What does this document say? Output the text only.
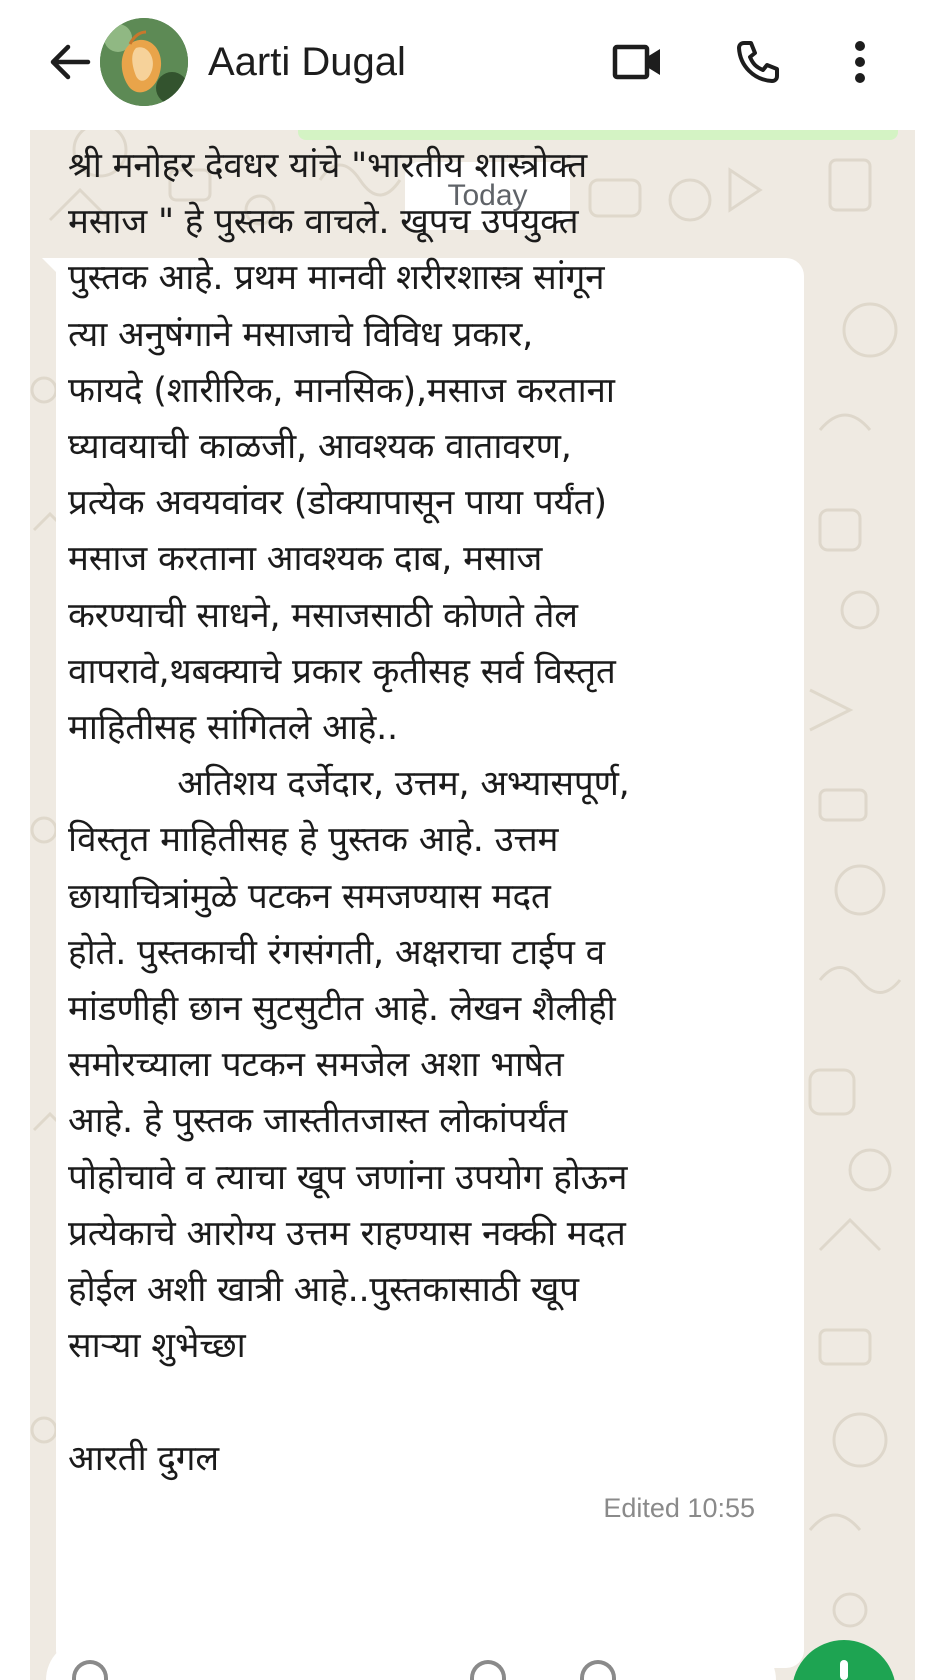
Aarti Dugal
Today
श्री मनोहर देवधर यांचे "भारतीय शास्त्रोक्त
मसाज " हे पुस्तक वाचले. खूपच उपयुक्त
पुस्तक आहे. प्रथम मानवी शरीरशास्त्र सांगून
त्या अनुषंगाने मसाजाचे विविध प्रकार,
फायदे (शारीरिक, मानसिक),मसाज करताना
घ्यावयाची काळजी, आवश्यक वातावरण,
प्रत्येक अवयवांवर (डोक्यापासून पाया पर्यंत)
मसाज करताना आवश्यक दाब, मसाज
करण्याची साधने, मसाजसाठी कोणते तेल
वापरावे,थबक्याचे प्रकार कृतीसह सर्व विस्तृत
माहितीसह सांगितले आहे..
अतिशय दर्जेदार, उत्तम, अभ्यासपूर्ण,
विस्तृत माहितीसह हे पुस्तक आहे. उत्तम
छायाचित्रांमुळे पटकन समजण्यास मदत
होते. पुस्तकाची रंगसंगती, अक्षराचा टाईप व
मांडणीही छान सुटसुटीत आहे. लेखन शैलीही
समोरच्याला पटकन समजेल अशा भाषेत
आहे. हे पुस्तक जास्तीतजास्त लोकांपर्यंत
पोहोचावे व त्याचा खूप जणांना उपयोग होऊन
प्रत्येकाचे आरोग्य उत्तम राहण्यास नक्की मदत
होईल अशी खात्री आहे..पुस्तकासाठी खूप
साऱ्या शुभेच्छा

आरती दुगल
Edited 10:55
